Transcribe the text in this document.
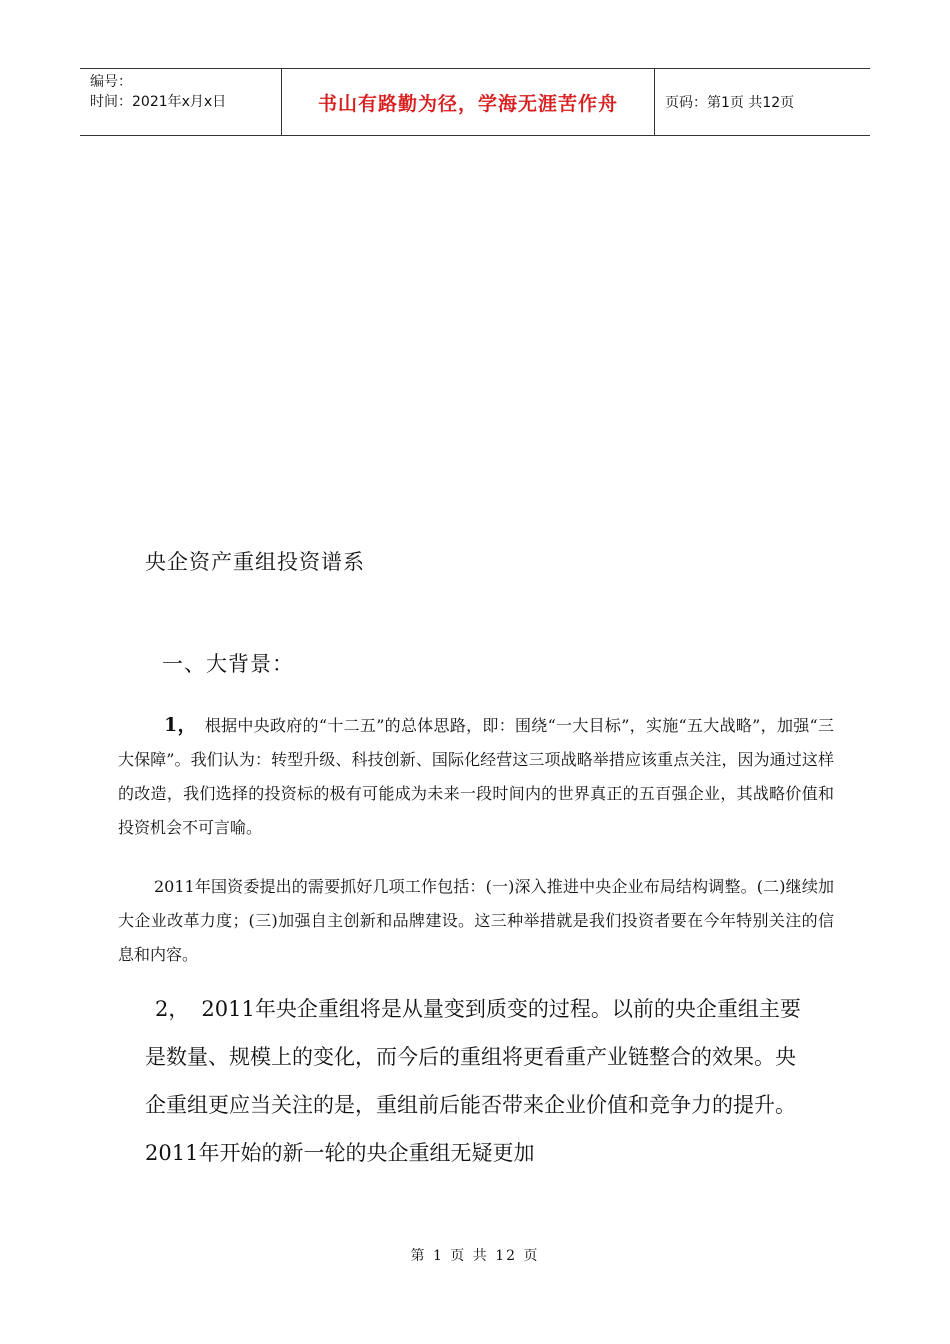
编号：
时间：2021年x月x日	书山有路勤为径，学海无涯苦作舟	页码：第1页 共12页
央企资产重组投资谱系
一、大背景：
1， 根据中央政府的“十二五”的总体思路，即：围绕“一大目标”，实施“五大战略”，加强“三大保障”。我们认为：转型升级、科技创新、国际化经营这三项战略举措应该重点关注，因为通过这样的改造，我们选择的投资标的极有可能成为未来一段时间内的世界真正的五百强企业，其战略价值和投资机会不可言喻。
2011年国资委提出的需要抓好几项工作包括：(一)深入推进中央企业布局结构调整。(二)继续加大企业改革力度；(三)加强自主创新和品牌建设。这三种举措就是我们投资者要在今年特别关注的信息和内容。
2， 2011年央企重组将是从量变到质变的过程。以前的央企重组主要是数量、规模上的变化，而今后的重组将更看重产业链整合的效果。央企重组更应当关注的是，重组前后能否带来企业价值和竞争力的提升。2011年开始的新一轮的央企重组无疑更加
第 1 页 共 12 页
